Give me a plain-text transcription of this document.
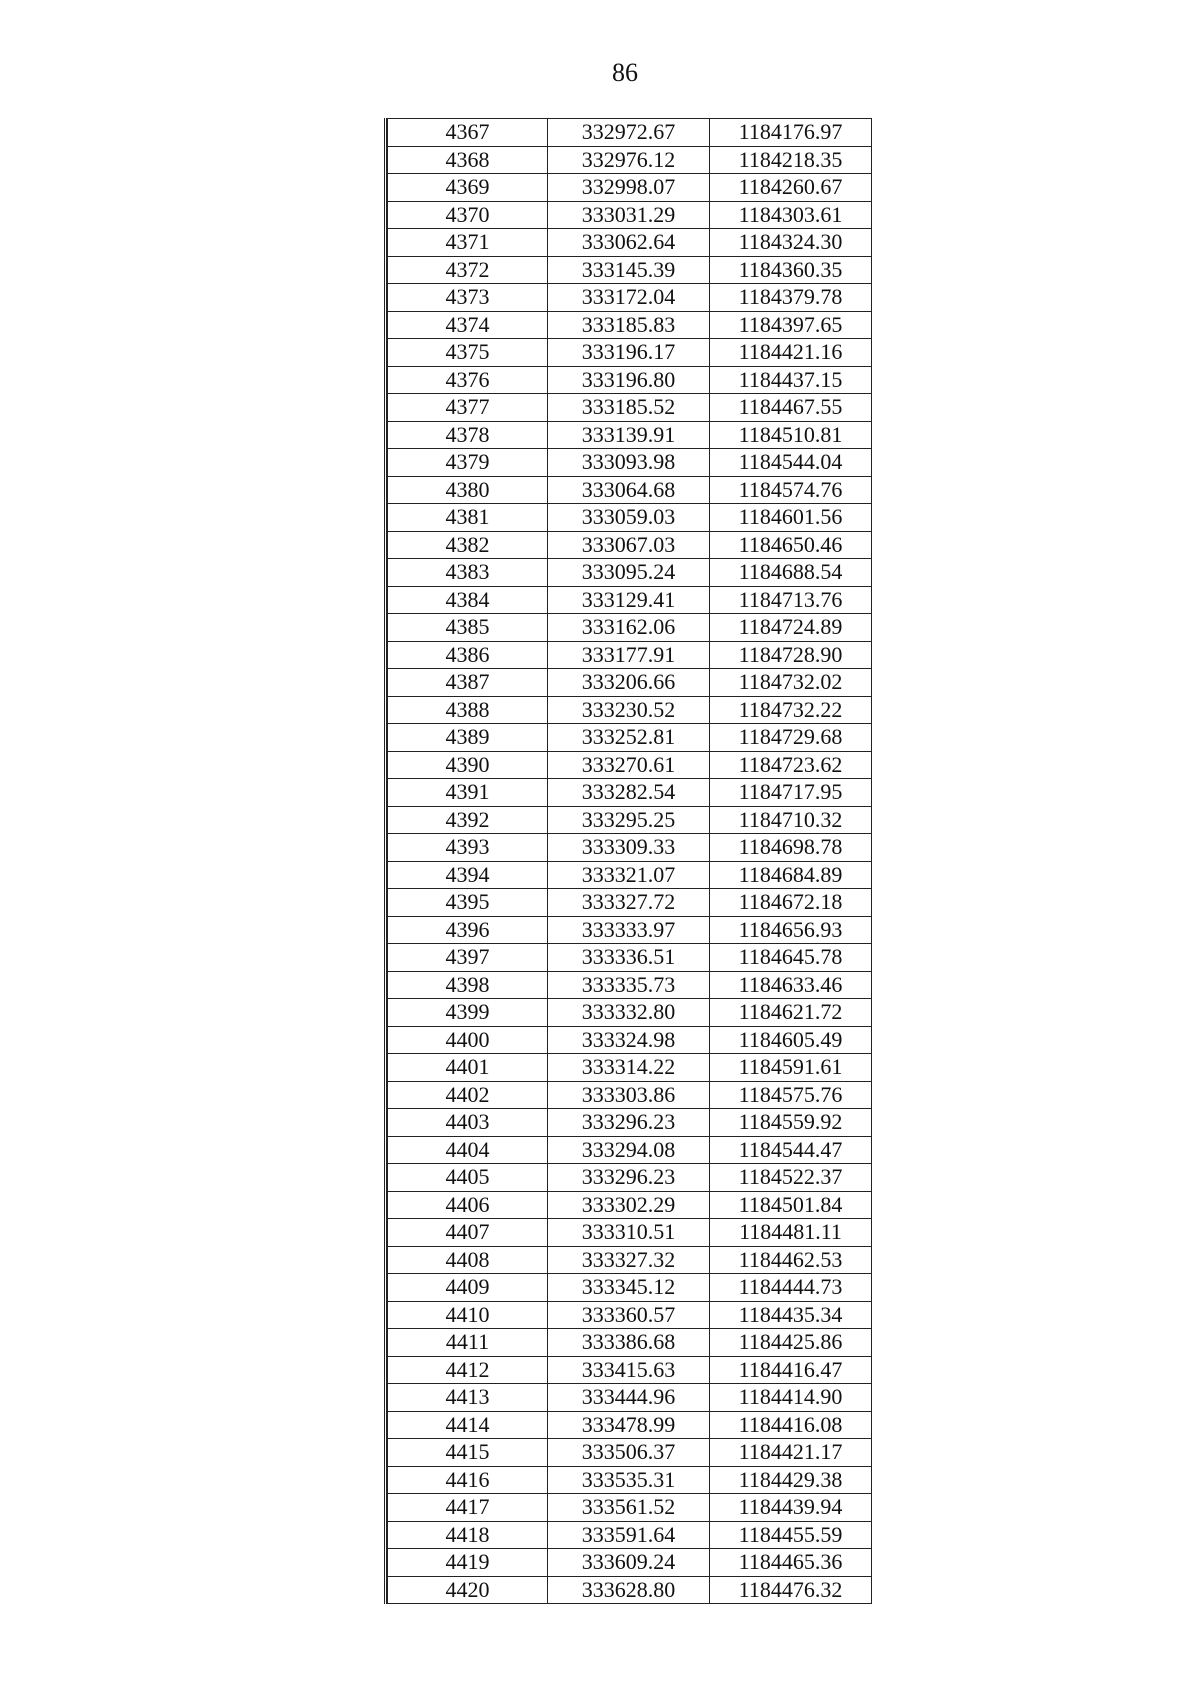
86
4367	332972.67	1184176.97
4368	332976.12	1184218.35
4369	332998.07	1184260.67
4370	333031.29	1184303.61
4371	333062.64	1184324.30
4372	333145.39	1184360.35
4373	333172.04	1184379.78
4374	333185.83	1184397.65
4375	333196.17	1184421.16
4376	333196.80	1184437.15
4377	333185.52	1184467.55
4378	333139.91	1184510.81
4379	333093.98	1184544.04
4380	333064.68	1184574.76
4381	333059.03	1184601.56
4382	333067.03	1184650.46
4383	333095.24	1184688.54
4384	333129.41	1184713.76
4385	333162.06	1184724.89
4386	333177.91	1184728.90
4387	333206.66	1184732.02
4388	333230.52	1184732.22
4389	333252.81	1184729.68
4390	333270.61	1184723.62
4391	333282.54	1184717.95
4392	333295.25	1184710.32
4393	333309.33	1184698.78
4394	333321.07	1184684.89
4395	333327.72	1184672.18
4396	333333.97	1184656.93
4397	333336.51	1184645.78
4398	333335.73	1184633.46
4399	333332.80	1184621.72
4400	333324.98	1184605.49
4401	333314.22	1184591.61
4402	333303.86	1184575.76
4403	333296.23	1184559.92
4404	333294.08	1184544.47
4405	333296.23	1184522.37
4406	333302.29	1184501.84
4407	333310.51	1184481.11
4408	333327.32	1184462.53
4409	333345.12	1184444.73
4410	333360.57	1184435.34
4411	333386.68	1184425.86
4412	333415.63	1184416.47
4413	333444.96	1184414.90
4414	333478.99	1184416.08
4415	333506.37	1184421.17
4416	333535.31	1184429.38
4417	333561.52	1184439.94
4418	333591.64	1184455.59
4419	333609.24	1184465.36
4420	333628.80	1184476.32
